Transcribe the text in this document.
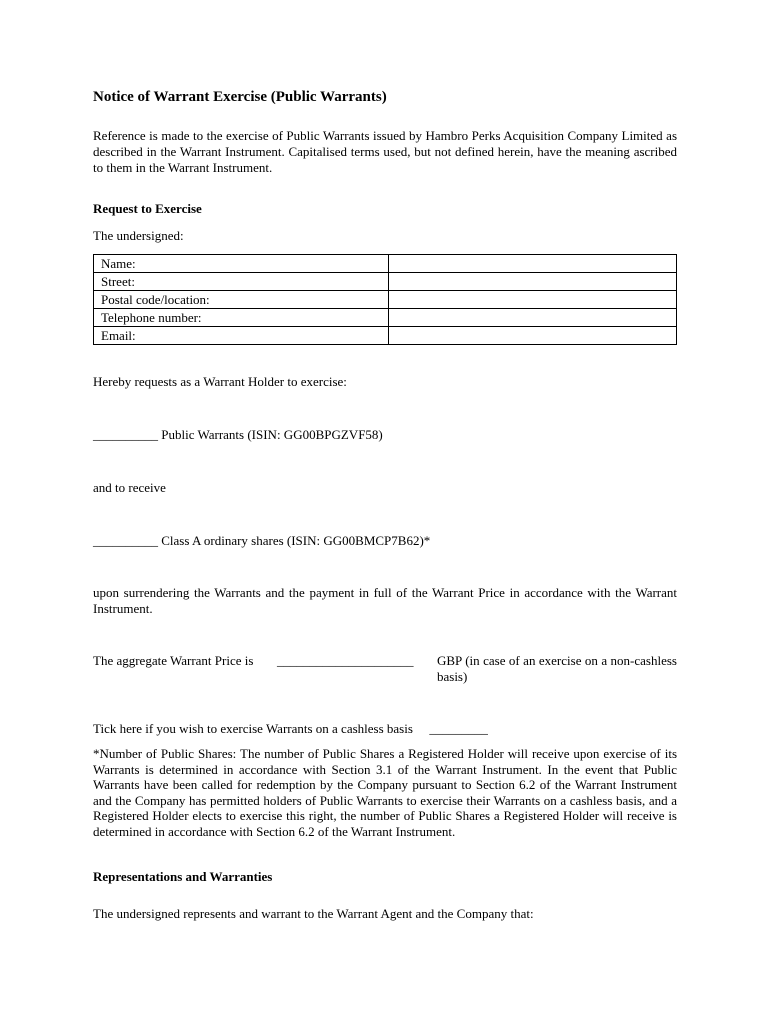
Notice of Warrant Exercise (Public Warrants)
Reference is made to the exercise of Public Warrants issued by Hambro Perks Acquisition Company Limited as described in the Warrant Instrument. Capitalised terms used, but not defined herein, have the meaning ascribed to them in the Warrant Instrument.
Request to Exercise
The undersigned:
Name:	
Street:	
Postal code/location:	
Telephone number:	
Email:	
Hereby requests as a Warrant Holder to exercise:
__________ Public Warrants (ISIN: GG00BPGZVF58)
and to receive
__________ Class A ordinary shares (ISIN: GG00BMCP7B62)*
upon surrendering the Warrants and the payment in full of the Warrant Price in accordance with the Warrant Instrument.
The aggregate Warrant Price is _____________________ GBP (in case of an exercise on a non-cashless basis)
Tick here if you wish to exercise Warrants on a cashless basis _________
*Number of Public Shares: The number of Public Shares a Registered Holder will receive upon exercise of its Warrants is determined in accordance with Section 3.1 of the Warrant Instrument. In the event that Public Warrants have been called for redemption by the Company pursuant to Section 6.2 of the Warrant Instrument and the Company has permitted holders of Public Warrants to exercise their Warrants on a cashless basis, and a Registered Holder elects to exercise this right, the number of Public Shares a Registered Holder will receive is determined in accordance with Section 6.2 of the Warrant Instrument.
Representations and Warranties
The undersigned represents and warrant to the Warrant Agent and the Company that:
